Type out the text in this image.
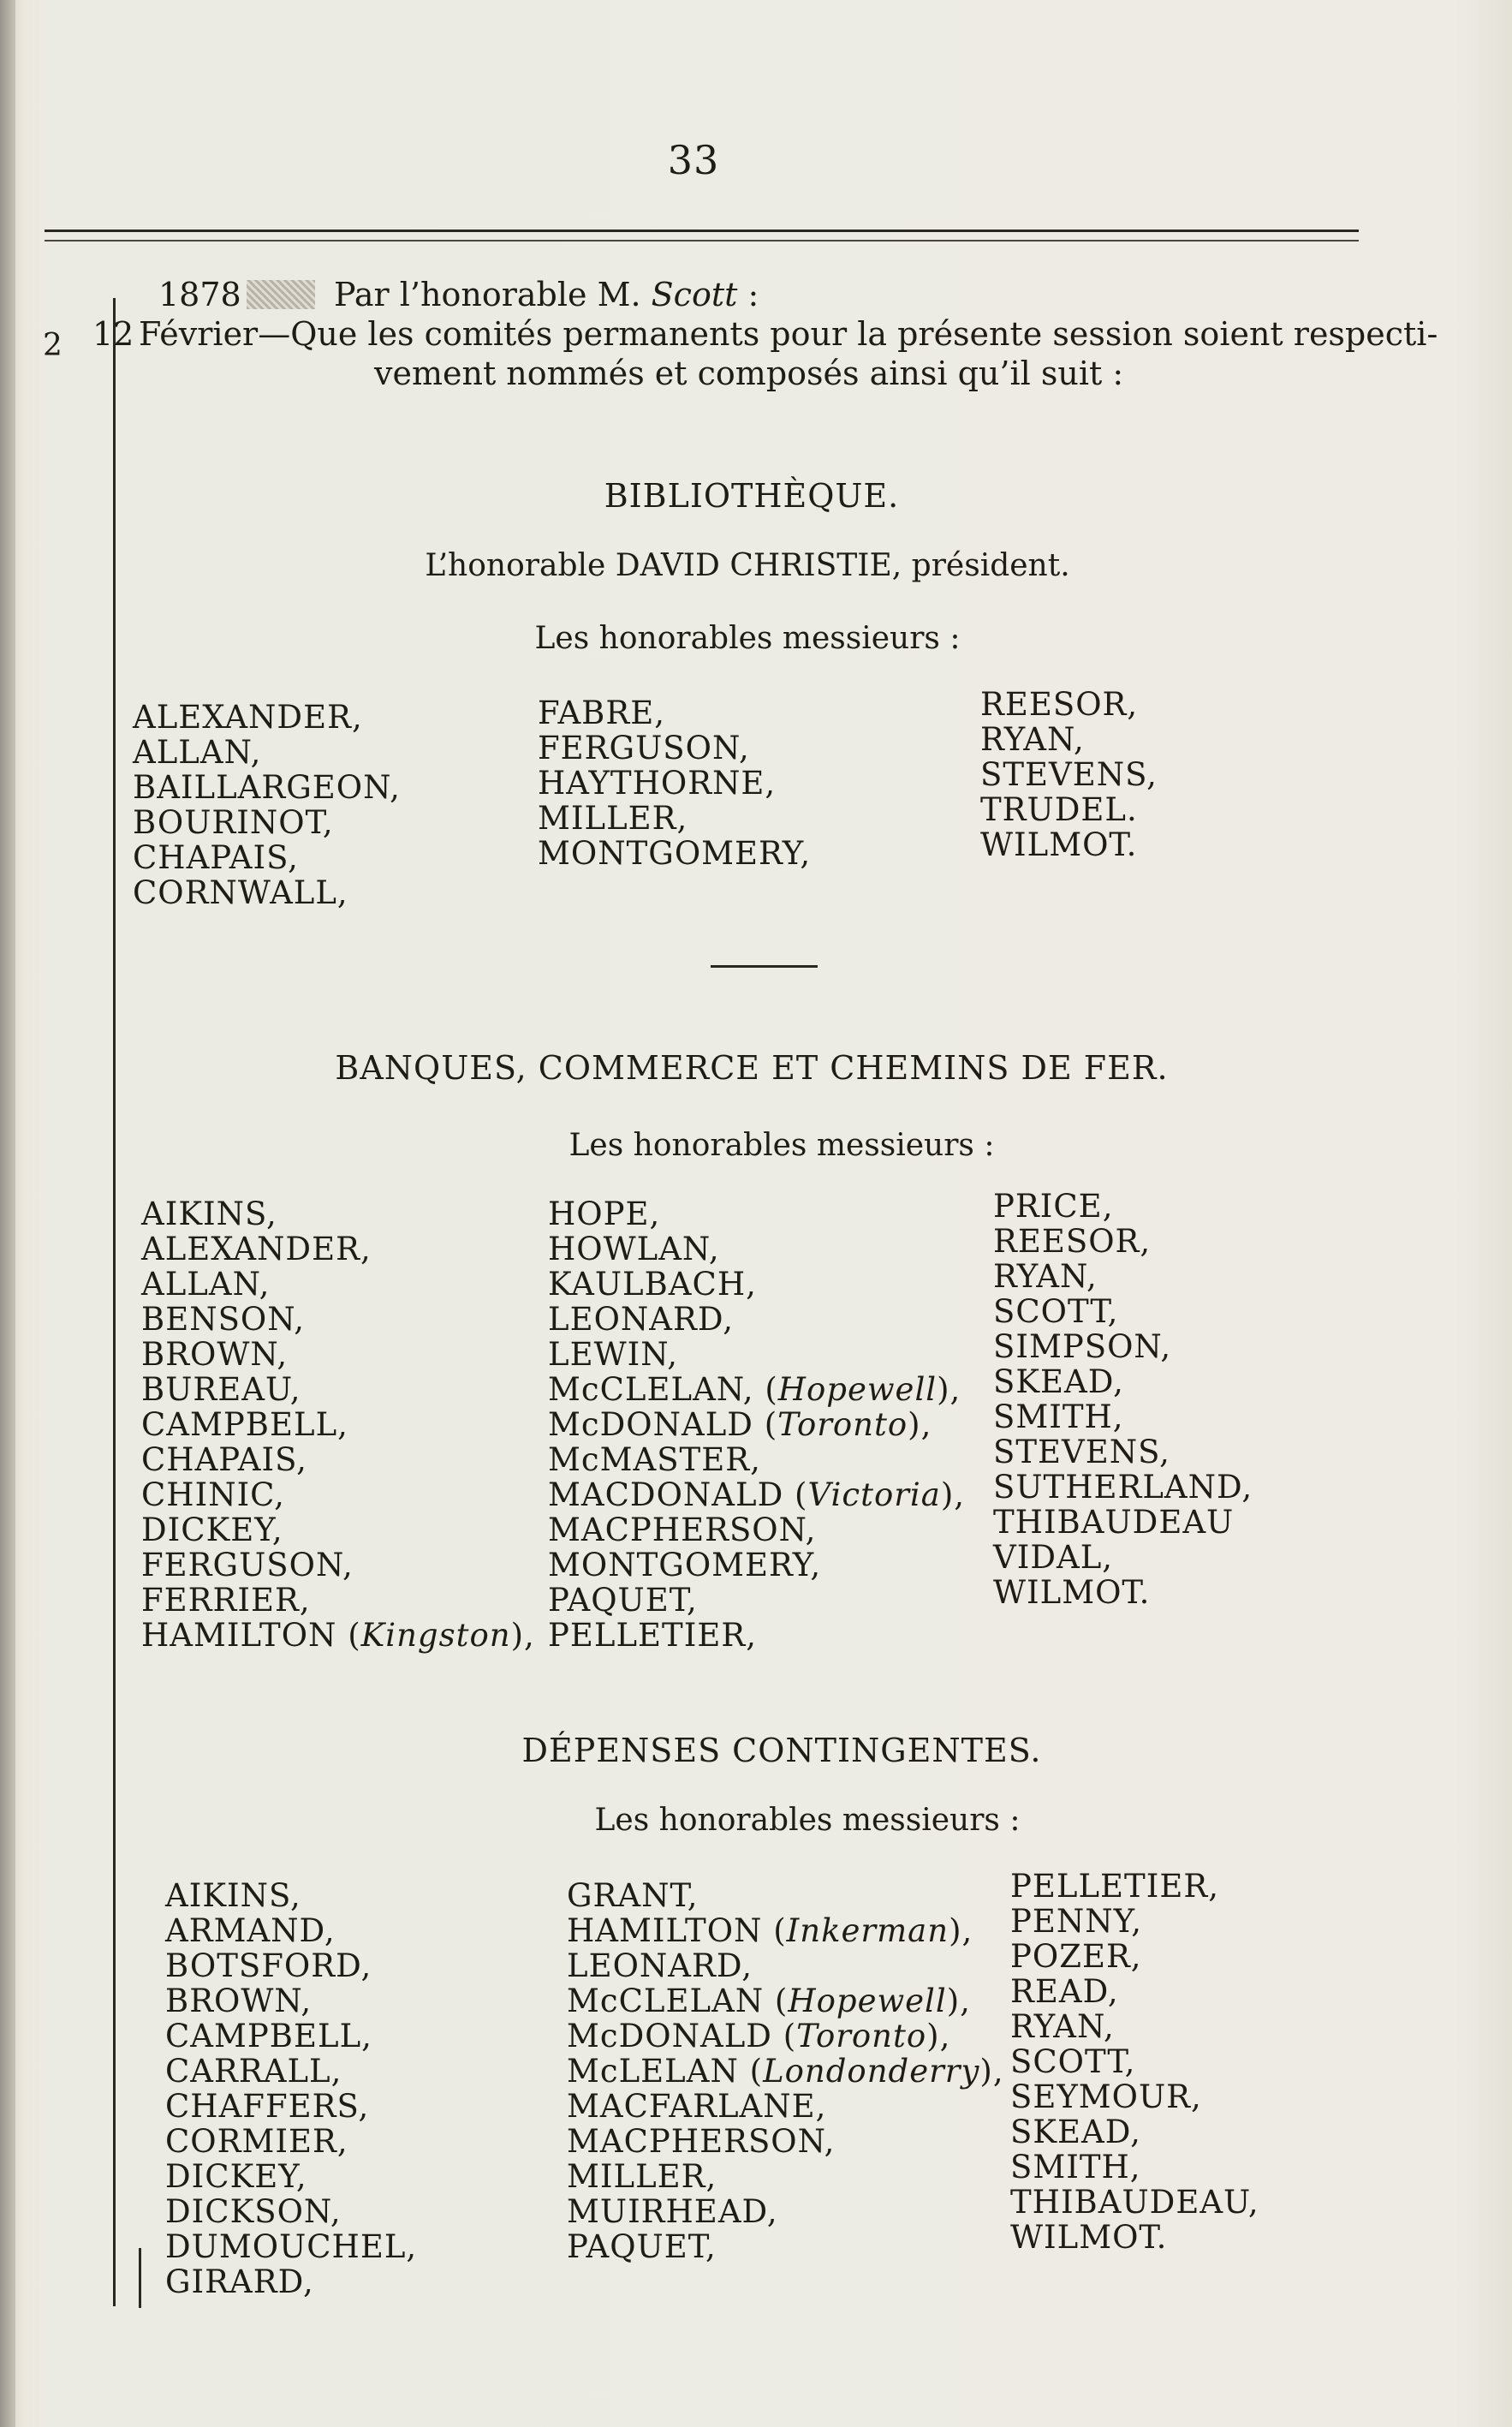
33
2
1878	Par l’honorable M. Scott :
12 Février—Que les comités permanents pour la présente session soient respecti-
vement nommés et composés ainsi qu’il suit :
BIBLIOTHÈQUE.
L’honorable DAVID CHRISTIE, président.
Les honorables messieurs :
ALEXANDER,
ALLAN,
BAILLARGEON,
BOURINOT,
CHAPAIS,
CORNWALL,
FABRE,
FERGUSON,
HAYTHORNE,
MILLER,
MONTGOMERY,
REESOR,
RYAN,
STEVENS,
TRUDEL.
WILMOT.
BANQUES, COMMERCE ET CHEMINS DE FER.
Les honorables messieurs :
AIKINS,
ALEXANDER,
ALLAN,
BENSON,
BROWN,
BUREAU,
CAMPBELL,
CHAPAIS,
CHINIC,
DICKEY,
FERGUSON,
FERRIER,
HAMILTON (Kingston),
HOPE,
HOWLAN,
KAULBACH,
LEONARD,
LEWIN,
McCLELAN, (Hopewell),
McDONALD (Toronto),
McMASTER,
MACDONALD (Victoria),
MACPHERSON,
MONTGOMERY,
PAQUET,
PELLETIER,
PRICE,
REESOR,
RYAN,
SCOTT,
SIMPSON,
SKEAD,
SMITH,
STEVENS,
SUTHERLAND,
THIBAUDEAU
VIDAL,
WILMOT.
DÉPENSES CONTINGENTES.
Les honorables messieurs :
AIKINS,
ARMAND,
BOTSFORD,
BROWN,
CAMPBELL,
CARRALL,
CHAFFERS,
CORMIER,
DICKEY,
DICKSON,
DUMOUCHEL,
GIRARD,
GRANT,
HAMILTON (Inkerman),
LEONARD,
McCLELAN (Hopewell),
McDONALD (Toronto),
McLELAN (Londonderry),
MACFARLANE,
MACPHERSON,
MILLER,
MUIRHEAD,
PAQUET,
PELLETIER,
PENNY,
POZER,
READ,
RYAN,
SCOTT,
SEYMOUR,
SKEAD,
SMITH,
THIBAUDEAU,
WILMOT.
